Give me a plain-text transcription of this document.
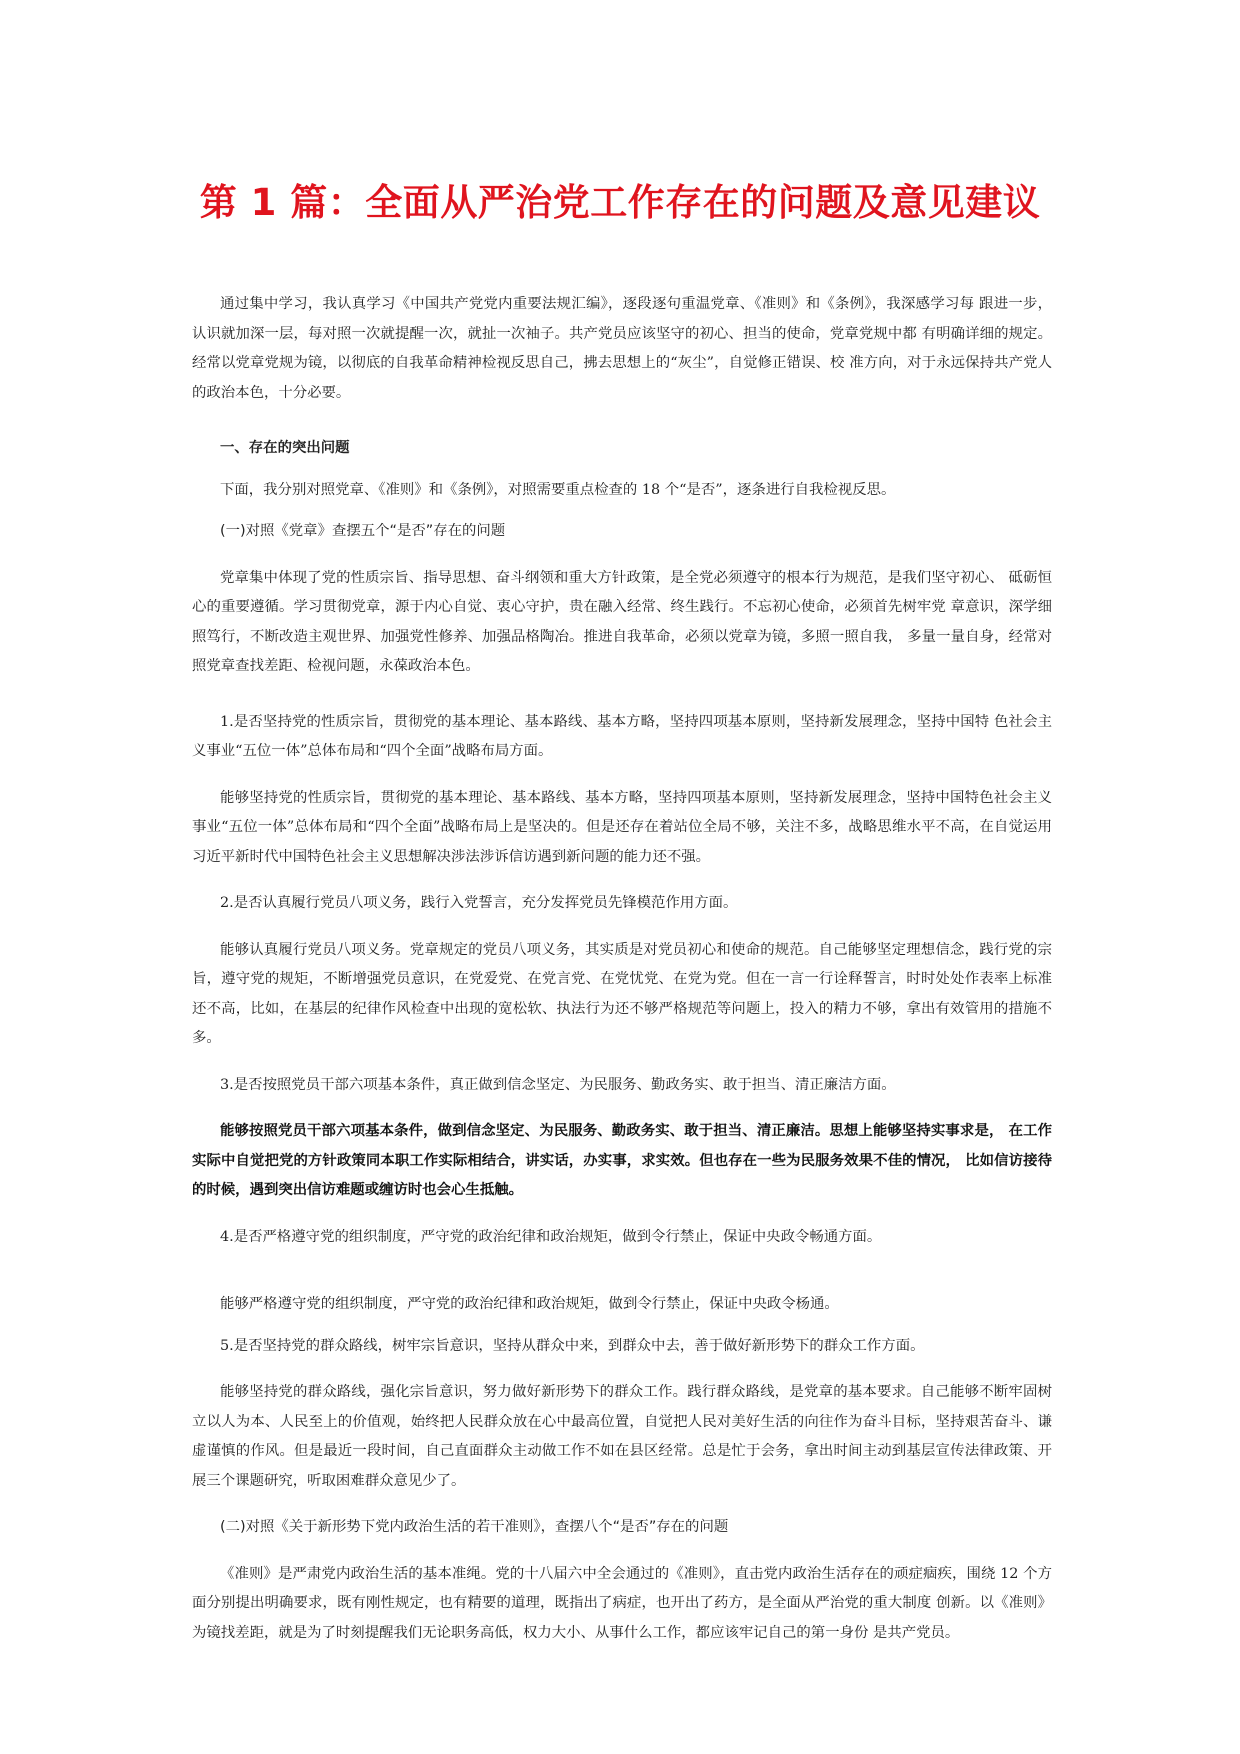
第 1 篇：全面从严治党工作存在的问题及意见建议

通过集中学习，我认真学习《中国共产党党内重要法规汇编》，逐段逐句重温党章、《准则》和《条例》，我深感学习每 跟进一步，认识就加深一层，每对照一次就提醒一次，就扯一次袖子。共产党员应该坚守的初心、担当的使命，党章党规中都 有明确详细的规定。经常以党章党规为镜，以彻底的自我革命精神检视反思自己，拂去思想上的“灰尘”，自觉修正错误、校 准方向，对于永远保持共产党人的政治本色，十分必要。

一、存在的突出问题

下面，我分别对照党章、《准则》和《条例》，对照需要重点检查的 18 个“是否”，逐条进行自我检视反思。

(一)对照《党章》查摆五个“是否”存在的问题

党章集中体现了党的性质宗旨、指导思想、奋斗纲领和重大方针政策，是全党必须遵守的根本行为规范，是我们坚守初心、 砥砺恒心的重要遵循。学习贯彻党章，源于内心自觉、衷心守护，贵在融入经常、终生践行。不忘初心使命，必须首先树牢党 章意识，深学细照笃行，不断改造主观世界、加强党性修养、加强品格陶冶。推进自我革命，必须以党章为镜，多照一照自我， 多量一量自身，经常对照党章查找差距、检视问题，永葆政治本色。

1.是否坚持党的性质宗旨，贯彻党的基本理论、基本路线、基本方略，坚持四项基本原则，坚持新发展理念，坚持中国特 色社会主义事业“五位一体”总体布局和“四个全面”战略布局方面。

能够坚持党的性质宗旨，贯彻党的基本理论、基本路线、基本方略，坚持四项基本原则，坚持新发展理念，坚持中国特色社会主义事业“五位一体”总体布局和“四个全面”战略布局上是坚决的。但是还存在着站位全局不够，关注不多，战略思维水平不高，在自觉运用习近平新时代中国特色社会主义思想解决涉法涉诉信访遇到新问题的能力还不强。

2.是否认真履行党员八项义务，践行入党誓言，充分发挥党员先锋模范作用方面。

能够认真履行党员八项义务。党章规定的党员八项义务，其实质是对党员初心和使命的规范。自己能够坚定理想信念，践行党的宗旨，遵守党的规矩，不断增强党员意识，在党爱党、在党言党、在党忧党、在党为党。但在一言一行诠释誓言，时时处处作表率上标准还不高，比如，在基层的纪律作风检查中出现的宽松软、执法行为还不够严格规范等问题上，投入的精力不够，拿出有效管用的措施不多。

3.是否按照党员干部六项基本条件，真正做到信念坚定、为民服务、勤政务实、敢于担当、清正廉洁方面。

能够按照党员干部六项基本条件，做到信念坚定、为民服务、勤政务实、敢于担当、清正廉洁。思想上能够坚持实事求是， 在工作实际中自觉把党的方针政策同本职工作实际相结合，讲实话，办实事，求实效。但也存在一些为民服务效果不佳的情况， 比如信访接待的时候，遇到突出信访难题或缠访时也会心生抵触。

4.是否严格遵守党的组织制度，严守党的政治纪律和政治规矩，做到令行禁止，保证中央政令畅通方面。

能够严格遵守党的组织制度，严守党的政治纪律和政治规矩，做到令行禁止，保证中央政令杨通。

5.是否坚持党的群众路线，树牢宗旨意识，坚持从群众中来，到群众中去，善于做好新形势下的群众工作方面。

能够坚持党的群众路线，强化宗旨意识，努力做好新形势下的群众工作。践行群众路线，是党章的基本要求。自己能够不断牢固树立以人为本、人民至上的价值观，始终把人民群众放在心中最高位置，自觉把人民对美好生活的向往作为奋斗目标，坚持艰苦奋斗、谦虚谨慎的作风。但是最近一段时间，自己直面群众主动做工作不如在县区经常。总是忙于会务，拿出时间主动到基层宣传法律政策、开展三个课题研究，听取困难群众意见少了。

(二)对照《关于新形势下党内政治生活的若干准则》，查摆八个“是否”存在的问题

《准则》是严肃党内政治生活的基本准绳。党的十八届六中全会通过的《准则》，直击党内政治生活存在的顽症痼疾，围绕 12 个方面分别提出明确要求，既有刚性规定，也有精要的道理，既指出了病症，也开出了药方，是全面从严治党的重大制度 创新。以《准则》为镜找差距，就是为了时刻提醒我们无论职务高低，权力大小、从事什么工作，都应该牢记自己的第一身份 是共产党员。
